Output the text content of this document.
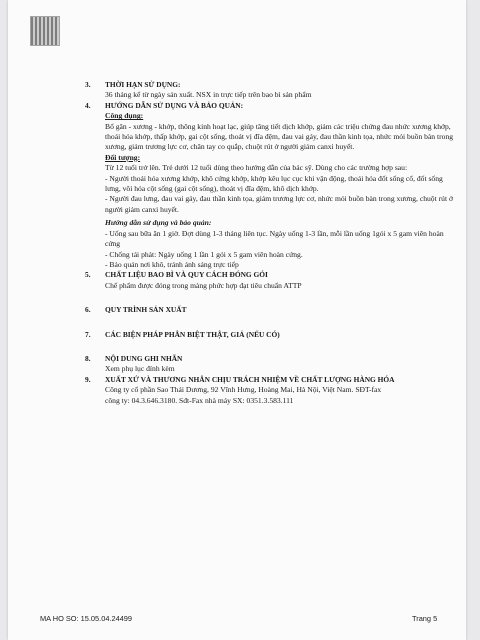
3.	THỜI HẠN SỬ DỤNG:

36 tháng kể từ ngày sản xuất. NSX in trực tiếp trên bao bì sản phẩm

4.	HƯỚNG DẪN SỬ DỤNG VÀ BẢO QUẢN:
Công dụng:

Bổ gân - xương - khớp, thông kinh hoạt lạc, giúp tăng tiết dịch khớp, giảm các triệu chứng đau nhức xương khớp, thoái hóa khớp, thấp khớp, gai cột sống, thoát vị đĩa đệm, đau vai gáy, đau thần kinh tọa, nhức mỏi buồn bàn trong xương, giảm trương lực cơ, chân tay co quắp, chuột rút ở người giảm canxi huyết.

Đối tượng:

Từ 12 tuổi trở lên. Trẻ dưới 12 tuổi dùng theo hướng dẫn của bác sỹ. Dùng cho các trường hợp sau:

- Người thoái hóa xương khớp, khô cứng khớp, khớp kêu lục cục khi vận động, thoái hóa đốt sống cổ, đốt sống lưng, vôi hóa cột sống (gai cột sống), thoát vị đĩa đệm, khô dịch khớp.

- Người đau lưng, đau vai gáy, đau thần kinh tọa, giảm trương lực cơ, nhức mỏi buồn bàn trong xương, chuột rút ở người giảm canxi huyết.

Hướng dẫn sử dụng và bảo quản:

- Uống sau bữa ăn 1 giờ. Đợt dùng 1-3 tháng liên tục. Ngày uống 1-3 lần, mỗi lần uống 1gói x 5 gam viên hoàn cứng

- Chống tái phát: Ngày uống 1 lần 1 gói x 5 gam viên hoàn cứng.

- Bảo quản nơi khô, tránh ánh sáng trực tiếp

5.	CHẤT LIỆU BAO BÌ VÀ QUY CÁCH ĐÓNG GÓI

Chế phẩm được đóng trong màng phức hợp đạt tiêu chuẩn ATTP

6.	QUY TRÌNH SẢN XUẤT
7.	CÁC BIỆN PHÁP PHÂN BIỆT THẬT, GIẢ (NẾU CÓ)
8.	NỘI DUNG GHI NHÃN

Xem phụ lục đính kèm

9.	XUẤT XỨ VÀ THƯƠNG NHÂN CHỊU TRÁCH NHIỆM VỀ CHẤT LƯỢNG HÀNG HÓA

Công ty cổ phần Sao Thái Dương, 92 Vĩnh Hưng, Hoàng Mai, Hà Nội, Việt Nam. SĐT-fax

công ty: 04.3.646.3180. Sđt-Fax nhà máy SX: 0351.3.583.111

MA HO SO: 15.05.04.24499	Trang 5
